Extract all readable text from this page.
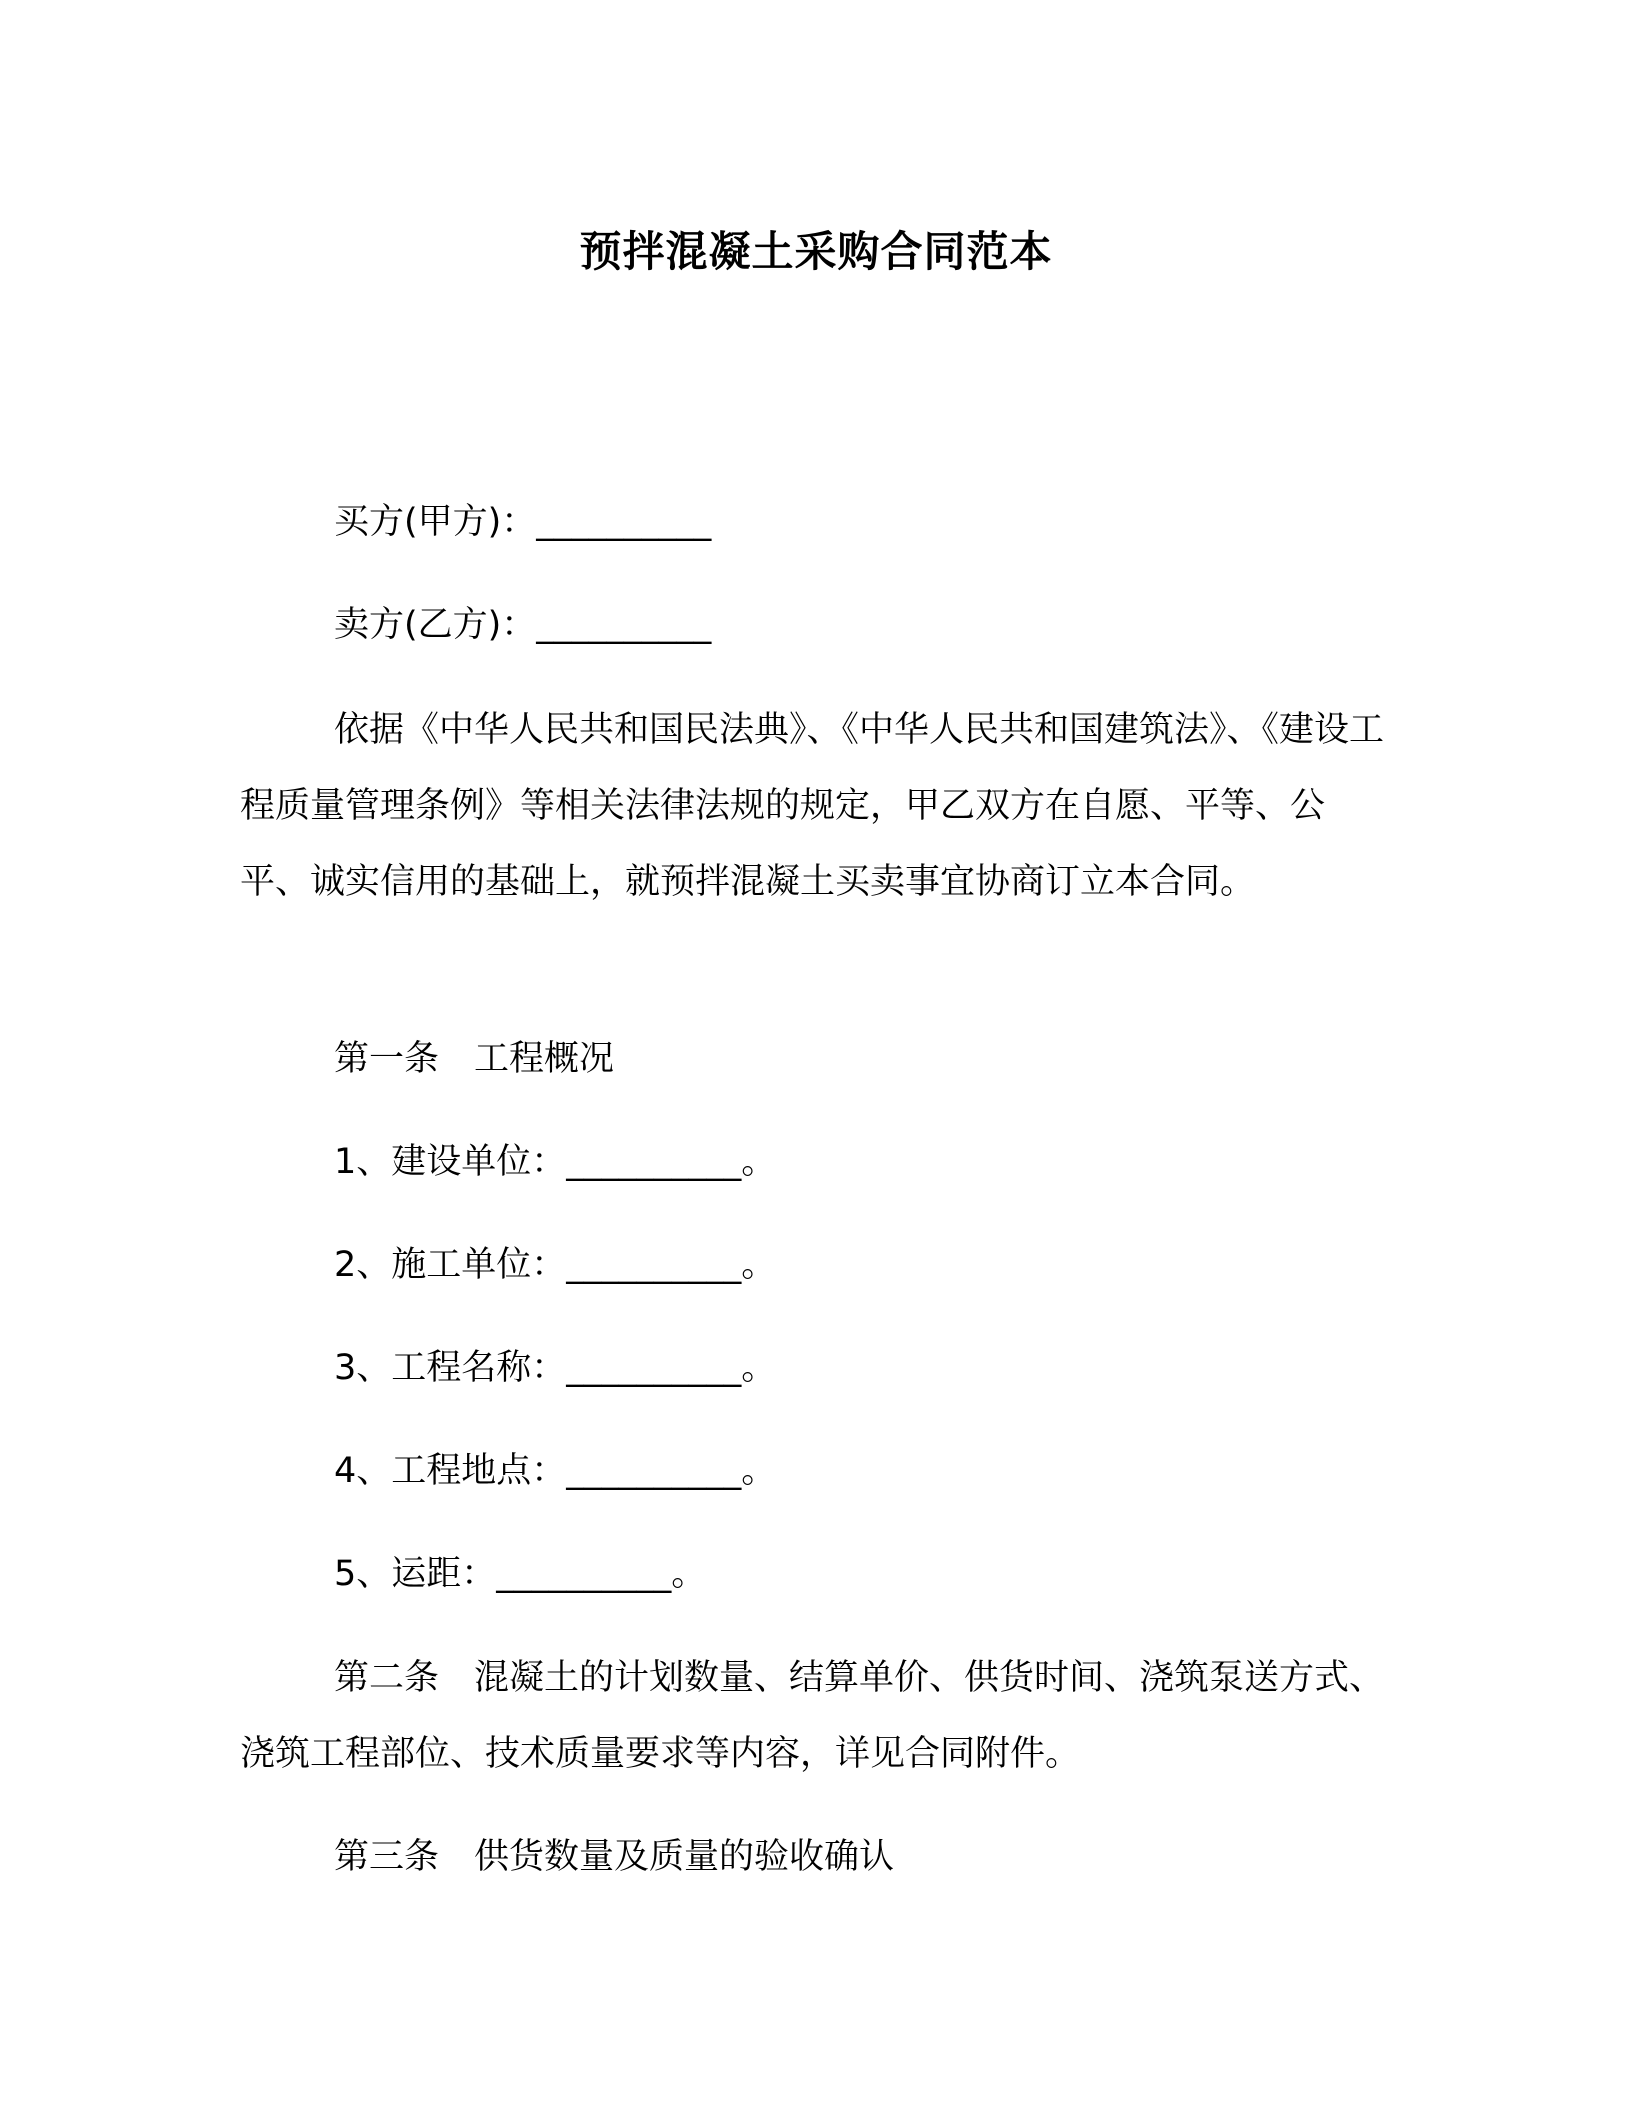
预拌混凝土采购合同范本
买方(甲方)：__________
卖方(乙方)：__________

依据《中华人民共和国民法典》、《中华人民共和国建筑法》、《建设工程质量管理条例》等相关法律法规的规定，甲乙双方在自愿、平等、公平、诚实信用的基础上，就预拌混凝土买卖事宜协商订立本合同。

第一条　工程概况
1、建设单位：__________。
2、施工单位：__________。
3、工程名称：__________。
4、工程地点：__________。
5、运距：__________。

第二条　混凝土的计划数量、结算单价、供货时间、浇筑泵送方式、浇筑工程部位、技术质量要求等内容，详见合同附件。

第三条　供货数量及质量的验收确认
